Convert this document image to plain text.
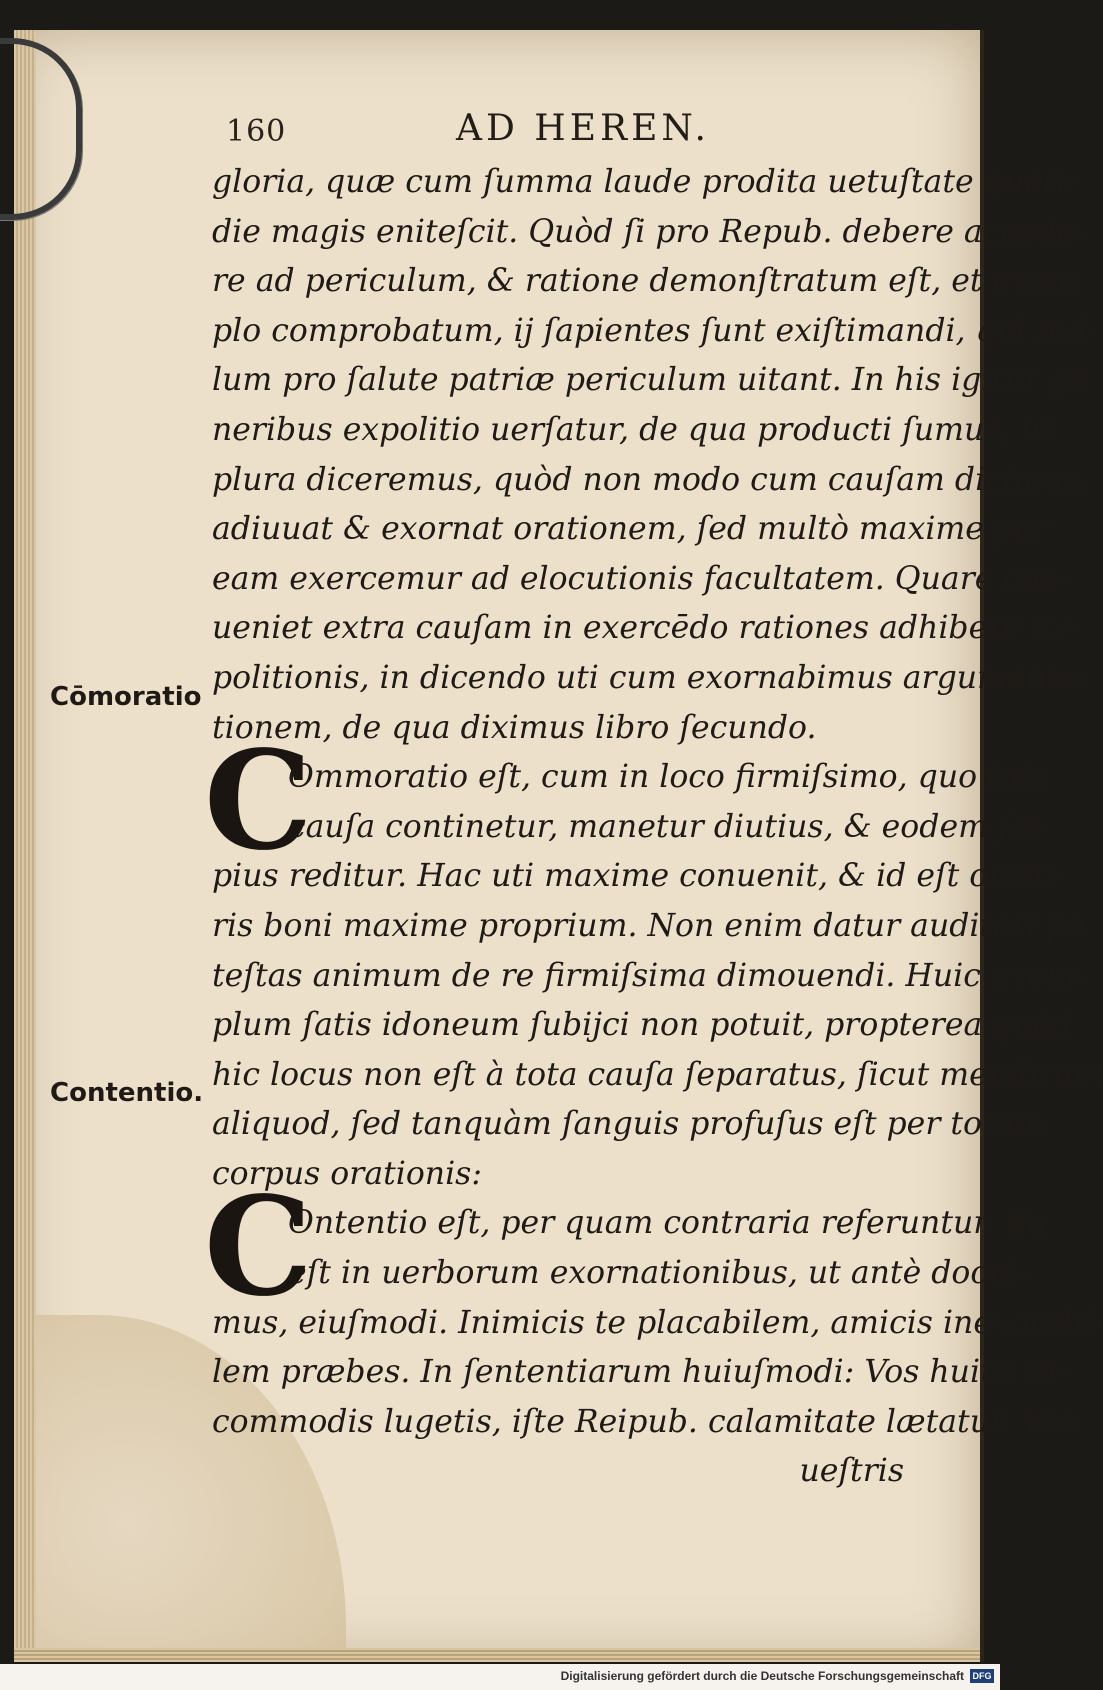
160	AD HEREN.
Cōmoratio
Contentio.
gloria, quæ cum ſumma laude prodita uetuſtate quoti-
die magis eniteſcit. Quòd ſi pro Repub. debere accede-
re ad periculum, & ratione demonſtratum eſt, et exem
plo comprobatum, ij ſapientes ſunt exiſtimandi, qui nul-
lum pro ſalute patriæ periculum uitant. In his igitur ge
neribus expolitio uerſatur, de qua producti ſumus, ut
plura diceremus, quòd non modo cum cauſam dicimus,
adiuuat & exornat orationem, ſed multò maxime per
eam exercemur ad elocutionis facultatem. Quare con-
ueniet extra cauſam in exercēdo rationes adhibere ex-
politionis, in dicendo uti cum exornabimus argumenta-
tionem, de qua diximus libro ſecundo.
C
Ommoratio eſt, cum in loco firmiſsimo, quo tota
cauſa continetur, manetur diutius, & eodem ſæ-
pius reditur. Hac uti maxime conuenit, & id eſt orato-
ris boni maxime proprium. Non enim datur auditori po
teſtas animum de re firmiſsima dimouendi. Huic exem-
plum ſatis idoneum ſubijci non potuit, propterea quòd
hic locus non eſt à tota cauſa ſeparatus, ſicut membrum
aliquod, ſed tanquàm ſanguis profuſus eſt per totum
corpus orationis:
C
Ontentio eſt, per quam contraria referuntur. Ea
eſt in uerborum exornationibus, ut antè docui-
mus, eiuſmodi. Inimicis te placabilem, amicis inexorabi-
lem præbes. In ſententiarum huiuſmodi: Vos huius in-
commodis lugetis, iſte Reipub. calamitate lætatur. Vos
ueſtris
Digitalisierung gefördert durch die Deutsche Forschungsgemeinschaft DFG
